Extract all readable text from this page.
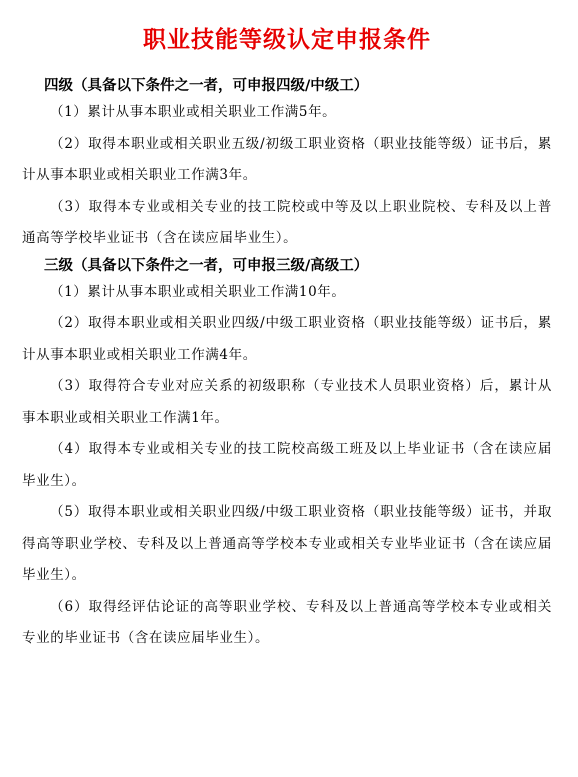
职业技能等级认定申报条件

四级（具备以下条件之一者，可申报四级/中级工）

（1）累计从事本职业或相关职业工作满5年。

（2）取得本职业或相关职业五级/初级工职业资格（职业技能等级）证书后，累计从事本职业或相关职业工作满3年。

（3）取得本专业或相关专业的技工院校或中等及以上职业院校、专科及以上普通高等学校毕业证书（含在读应届毕业生）。

三级（具备以下条件之一者，可申报三级/高级工）

（1）累计从事本职业或相关职业工作满10年。

（2）取得本职业或相关职业四级/中级工职业资格（职业技能等级）证书后，累计从事本职业或相关职业工作满4年。

（3）取得符合专业对应关系的初级职称（专业技术人员职业资格）后，累计从事本职业或相关职业工作满1年。

（4）取得本专业或相关专业的技工院校高级工班及以上毕业证书（含在读应届毕业生）。

（5）取得本职业或相关职业四级/中级工职业资格（职业技能等级）证书，并取得高等职业学校、专科及以上普通高等学校本专业或相关专业毕业证书（含在读应届毕业生）。

（6）取得经评估论证的高等职业学校、专科及以上普通高等学校本专业或相关专业的毕业证书（含在读应届毕业生）。
